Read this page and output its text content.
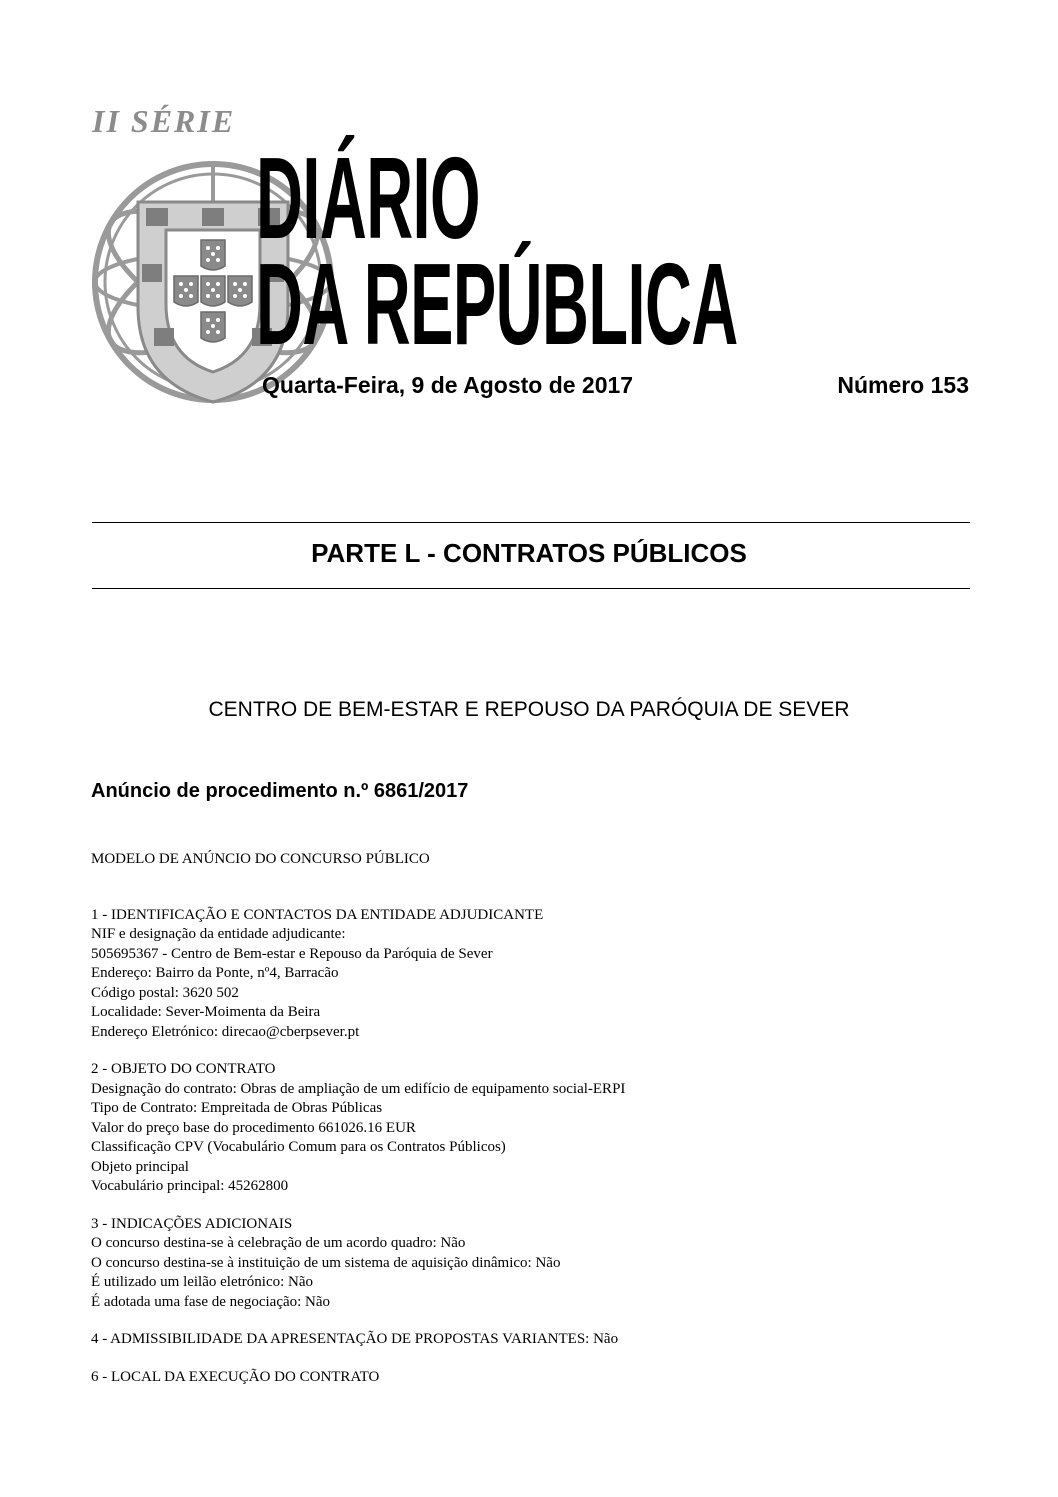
II SÉRIE
DIÁRIO
DA REPÚBLICA
Quarta-Feira, 9 de Agosto de 2017	Número 153
PARTE L - CONTRATOS PÚBLICOS
CENTRO DE BEM-ESTAR E REPOUSO DA PARÓQUIA DE SEVER
Anúncio de procedimento n.º 6861/2017
MODELO DE ANÚNCIO DO CONCURSO PÚBLICO
1 - IDENTIFICAÇÃO E CONTACTOS DA ENTIDADE ADJUDICANTE
NIF e designação da entidade adjudicante:
505695367 - Centro de Bem-estar e Repouso da Paróquia de Sever
Endereço: Bairro da Ponte, nº4, Barracão
Código postal: 3620 502
Localidade: Sever-Moimenta da Beira
Endereço Eletrónico: direcao@cberpsever.pt
2 - OBJETO DO CONTRATO
Designação do contrato: Obras de ampliação de um edifício de equipamento social-ERPI
Tipo de Contrato: Empreitada de Obras Públicas
Valor do preço base do procedimento 661026.16 EUR
Classificação CPV (Vocabulário Comum para os Contratos Públicos)
Objeto principal
Vocabulário principal: 45262800
3 - INDICAÇÕES ADICIONAIS
O concurso destina-se à celebração de um acordo quadro: Não
O concurso destina-se à instituição de um sistema de aquisição dinâmico: Não
É utilizado um leilão eletrónico: Não
É adotada uma fase de negociação: Não
4 - ADMISSIBILIDADE DA APRESENTAÇÃO DE PROPOSTAS VARIANTES: Não
6 - LOCAL DA EXECUÇÃO DO CONTRATO
